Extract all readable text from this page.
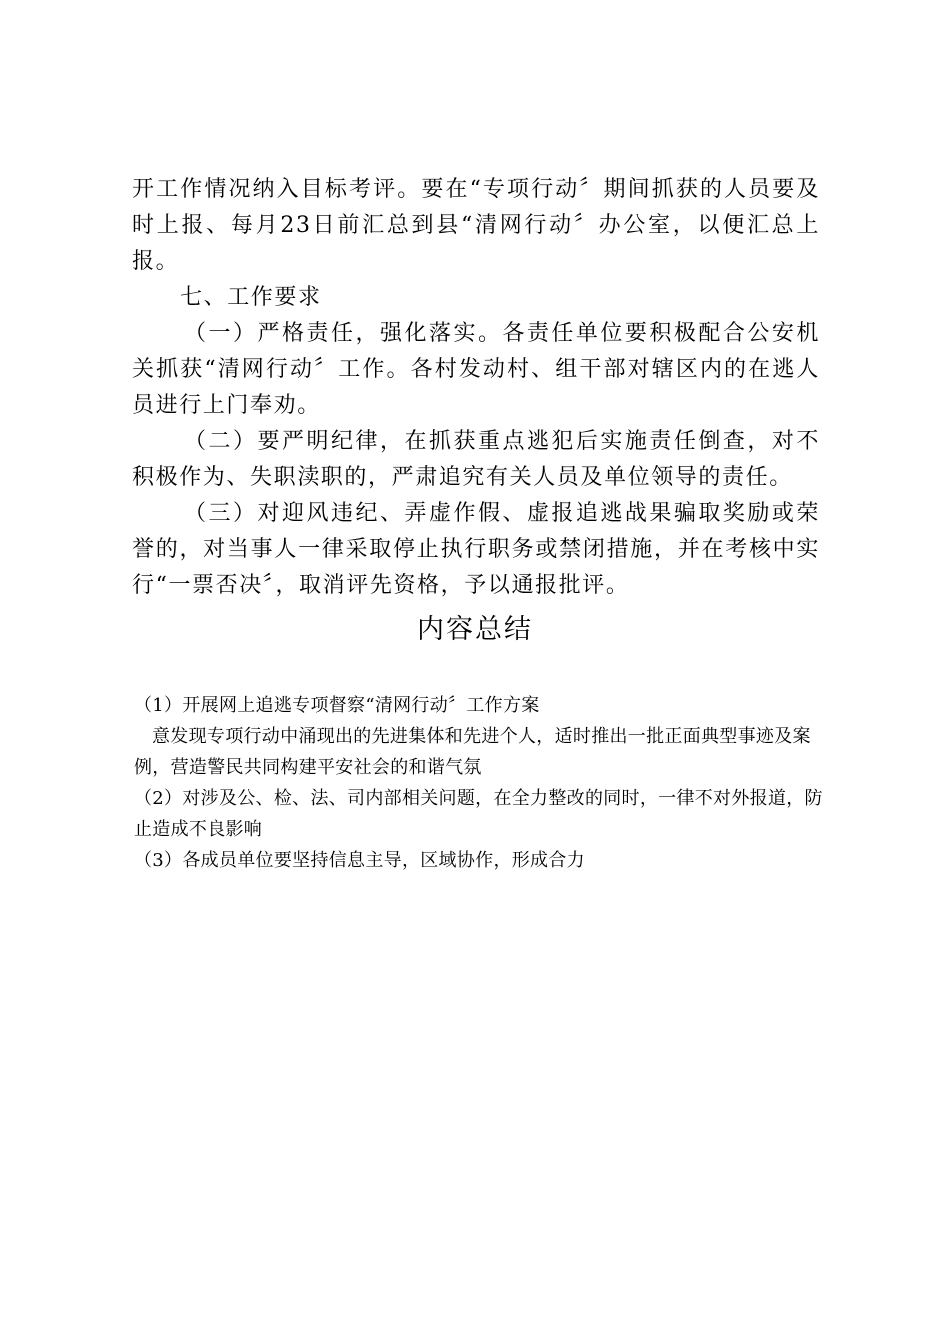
开工作情况纳入目标考评。要在“专项行动〞期间抓获的人员要及时上报、每月23日前汇总到县“清网行动〞办公室，以便汇总上报。

七、工作要求

（一）严格责任，强化落实。各责任单位要积极配合公安机关抓获“清网行动〞工作。各村发动村、组干部对辖区内的在逃人员进行上门奉劝。

（二）要严明纪律，在抓获重点逃犯后实施责任倒查，对不积极作为、失职渎职的，严肃追究有关人员及单位领导的责任。

（三）对迎风违纪、弄虚作假、虚报追逃战果骗取奖励或荣誉的，对当事人一律采取停止执行职务或禁闭措施，并在考核中实行“一票否决〞，取消评先资格，予以通报批评。

内容总结

（1）开展网上追逃专项督察“清网行动〞工作方案

意发现专项行动中涌现出的先进集体和先进个人，适时推出一批正面典型事迹及案例，营造警民共同构建平安社会的和谐气氛

（2）对涉及公、检、法、司内部相关问题，在全力整改的同时，一律不对外报道，防止造成不良影响

（3）各成员单位要坚持信息主导，区域协作，形成合力
